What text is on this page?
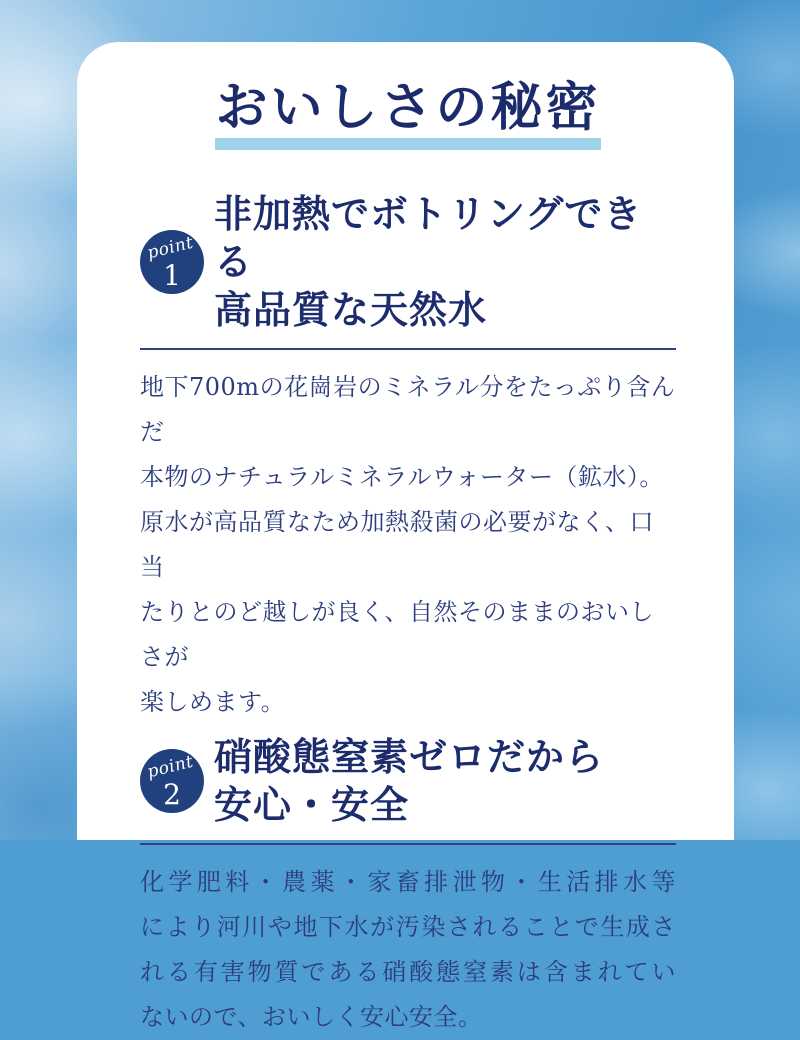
おいしさの秘密
point
1
非加熱でボトリングできる
高品質な天然水

地下700mの花崗岩のミネラル分をたっぷり含んだ
本物のナチュラルミネラルウォーター（鉱水）。
原水が高品質なため加熱殺菌の必要がなく、口当
たりとのど越しが良く、自然そのままのおいしさが
楽しめます。

point
2
硝酸態窒素ゼロだから
安心・安全

化学肥料・農薬・家畜排泄物・生活排水等
により河川や地下水が汚染されることで生成さ
れる有害物質である硝酸態窒素は含まれてい
ないので、おいしく安心安全。
